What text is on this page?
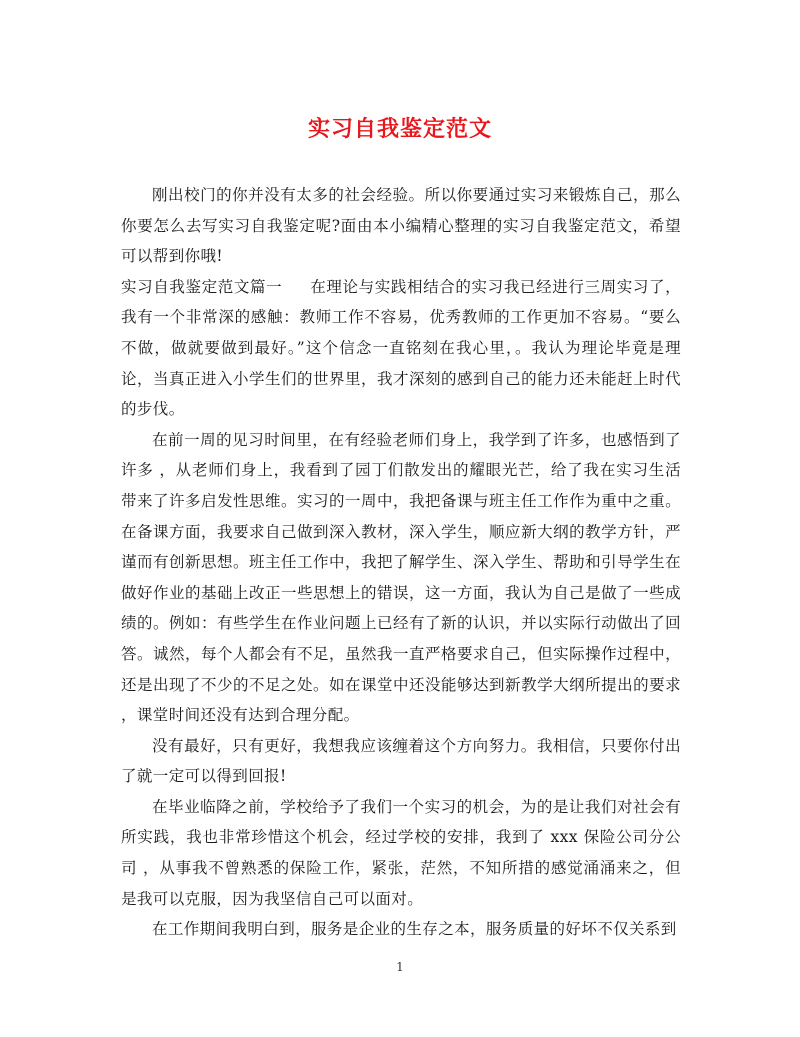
实习自我鉴定范文

刚出校门的你并没有太多的社会经验。所以你要通过实习来锻炼自己，那么你要怎么去写实习自我鉴定呢?面由本小编精心整理的实习自我鉴定范文，希望可以帮到你哦!

实习自我鉴定范文篇一 在理论与实践相结合的实习我已经进行三周实习了，我有一个非常深的感触：教师工作不容易，优秀教师的工作更加不容易。“要么不做，做就要做到最好。”这个信念一直铭刻在我心里，。我认为理论毕竟是理论，当真正进入小学生们的世界里，我才深刻的感到自己的能力还未能赶上时代的步伐。

在前一周的见习时间里，在有经验老师们身上，我学到了许多，也感悟到了许多 ，从老师们身上，我看到了园丁们散发出的耀眼光芒，给了我在实习生活带来了许多启发性思维。实习的一周中，我把备课与班主任工作作为重中之重。在备课方面，我要求自己做到深入教材，深入学生，顺应新大纲的教学方针，严谨而有创新思想。班主任工作中，我把了解学生、深入学生、帮助和引导学生在做好作业的基础上改正一些思想上的错误，这一方面，我认为自己是做了一些成绩的。例如：有些学生在作业问题上已经有了新的认识，并以实际行动做出了回答。诚然，每个人都会有不足，虽然我一直严格要求自己，但实际操作过程中，还是出现了不少的不足之处。如在课堂中还没能够达到新教学大纲所提出的要求 ，课堂时间还没有达到合理分配。

没有最好，只有更好，我想我应该缠着这个方向努力。我相信，只要你付出了就一定可以得到回报!

在毕业临降之前，学校给予了我们一个实习的机会，为的是让我们对社会有所实践，我也非常珍惜这个机会，经过学校的安排，我到了 xxx 保险公司分公司 ，从事我不曾熟悉的保险工作，紧张，茫然，不知所措的感觉涌涌来之，但是我可以克服，因为我坚信自己可以面对。

在工作期间我明白到，服务是企业的生存之本，服务质量的好坏不仅关系到

1
